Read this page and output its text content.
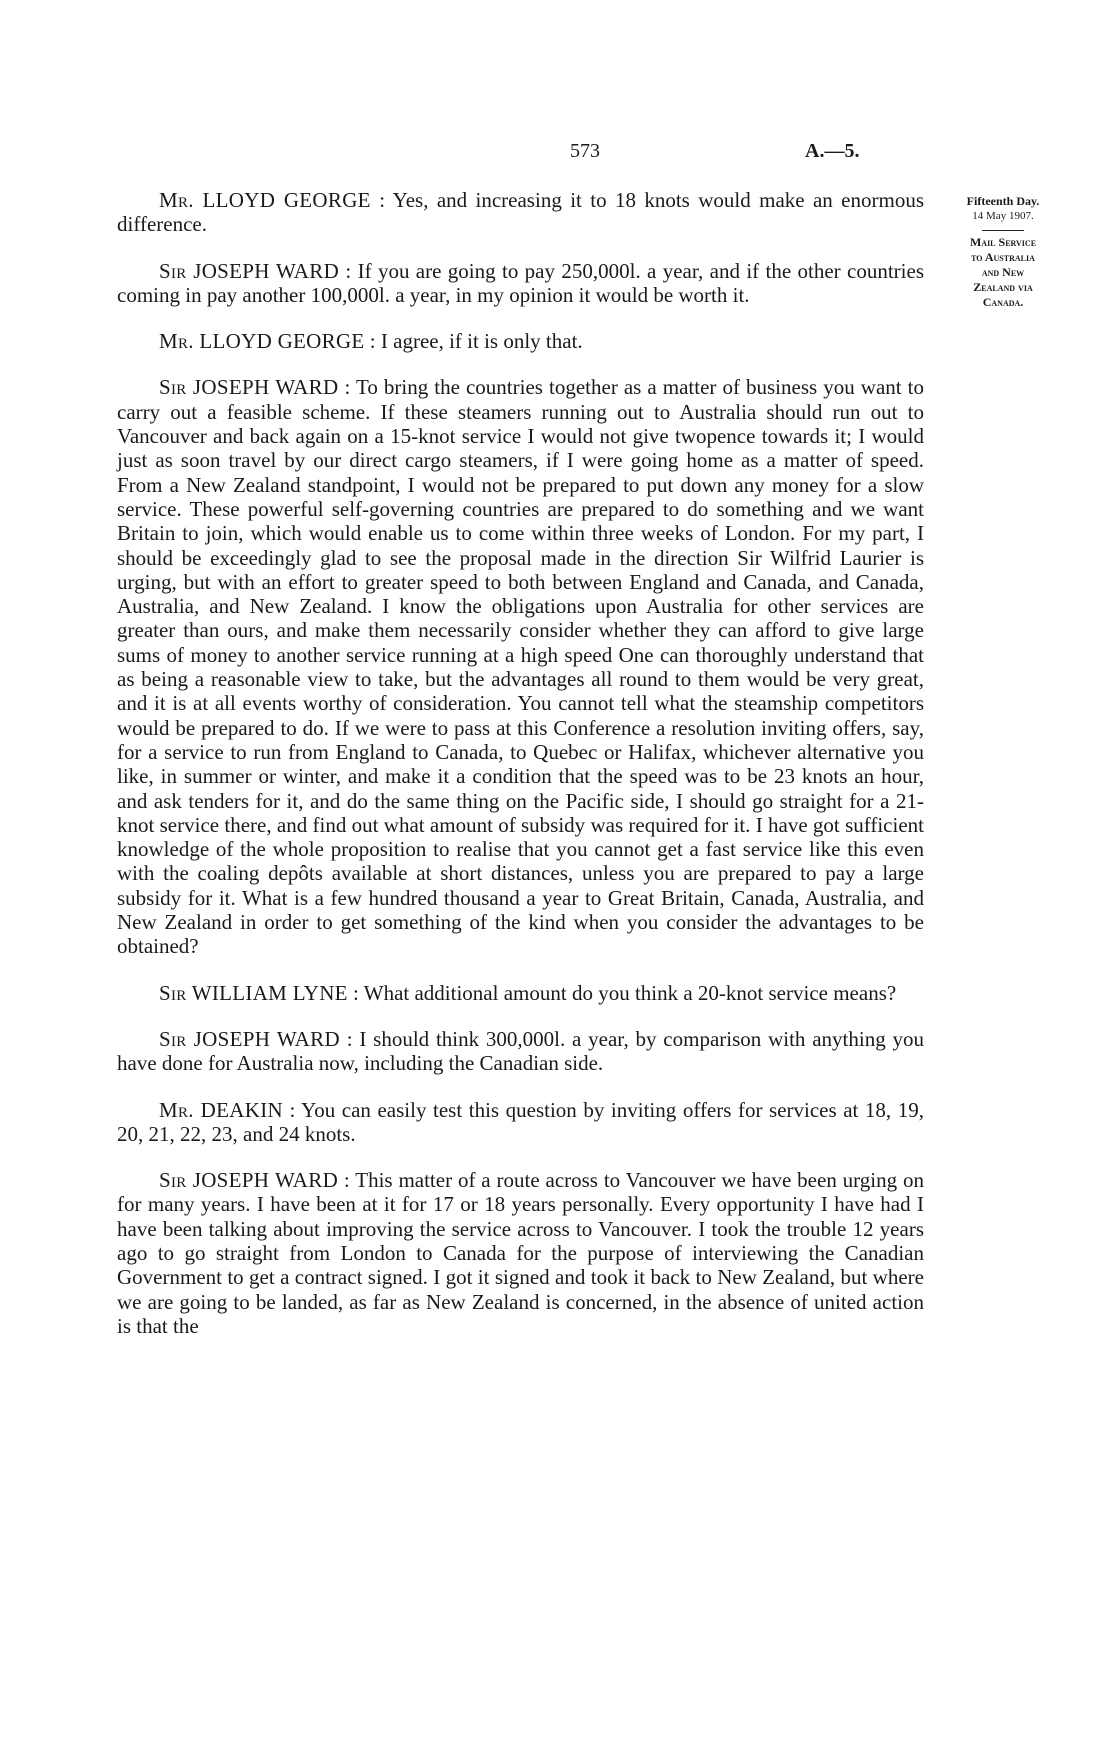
573	A.—5.
Fifteenth Day.
14 May 1907.
Mail Service
to Australia
and New
Zealand via
Canada.

Mr. LLOYD GEORGE : Yes, and increasing it to 18 knots would make an enormous difference.

Sir JOSEPH WARD : If you are going to pay 250,000l. a year, and if the other countries coming in pay another 100,000l. a year, in my opinion it would be worth it.

Mr. LLOYD GEORGE : I agree, if it is only that.

Sir JOSEPH WARD : To bring the countries together as a matter of business you want to carry out a feasible scheme. If these steamers running out to Australia should run out to Vancouver and back again on a 15-knot service I would not give twopence towards it; I would just as soon travel by our direct cargo steamers, if I were going home as a matter of speed. From a New Zealand standpoint, I would not be prepared to put down any money for a slow service. These powerful self-governing countries are prepared to do something and we want Britain to join, which would enable us to come within three weeks of London. For my part, I should be exceedingly glad to see the proposal made in the direction Sir Wilfrid Laurier is urging, but with an effort to greater speed to both between England and Canada, and Canada, Australia, and New Zealand. I know the obligations upon Australia for other services are greater than ours, and make them necessarily consider whether they can afford to give large sums of money to another service running at a high speed One can thoroughly understand that as being a reasonable view to take, but the advantages all round to them would be very great, and it is at all events worthy of consideration. You cannot tell what the steamship competitors would be prepared to do. If we were to pass at this Conference a resolution inviting offers, say, for a service to run from England to Canada, to Quebec or Halifax, whichever alternative you like, in summer or winter, and make it a condition that the speed was to be 23 knots an hour, and ask tenders for it, and do the same thing on the Pacific side, I should go straight for a 21-knot service there, and find out what amount of subsidy was required for it. I have got sufficient knowledge of the whole proposition to realise that you cannot get a fast service like this even with the coaling depôts available at short distances, unless you are prepared to pay a large subsidy for it. What is a few hundred thousand a year to Great Britain, Canada, Australia, and New Zealand in order to get something of the kind when you consider the advantages to be obtained?

Sir WILLIAM LYNE : What additional amount do you think a 20-knot service means?

Sir JOSEPH WARD : I should think 300,000l. a year, by comparison with anything you have done for Australia now, including the Canadian side.

Mr. DEAKIN : You can easily test this question by inviting offers for services at 18, 19, 20, 21, 22, 23, and 24 knots.

Sir JOSEPH WARD : This matter of a route across to Vancouver we have been urging on for many years. I have been at it for 17 or 18 years personally. Every opportunity I have had I have been talking about improving the service across to Vancouver. I took the trouble 12 years ago to go straight from London to Canada for the purpose of interviewing the Canadian Government to get a contract signed. I got it signed and took it back to New Zealand, but where we are going to be landed, as far as New Zealand is concerned, in the absence of united action is that the
